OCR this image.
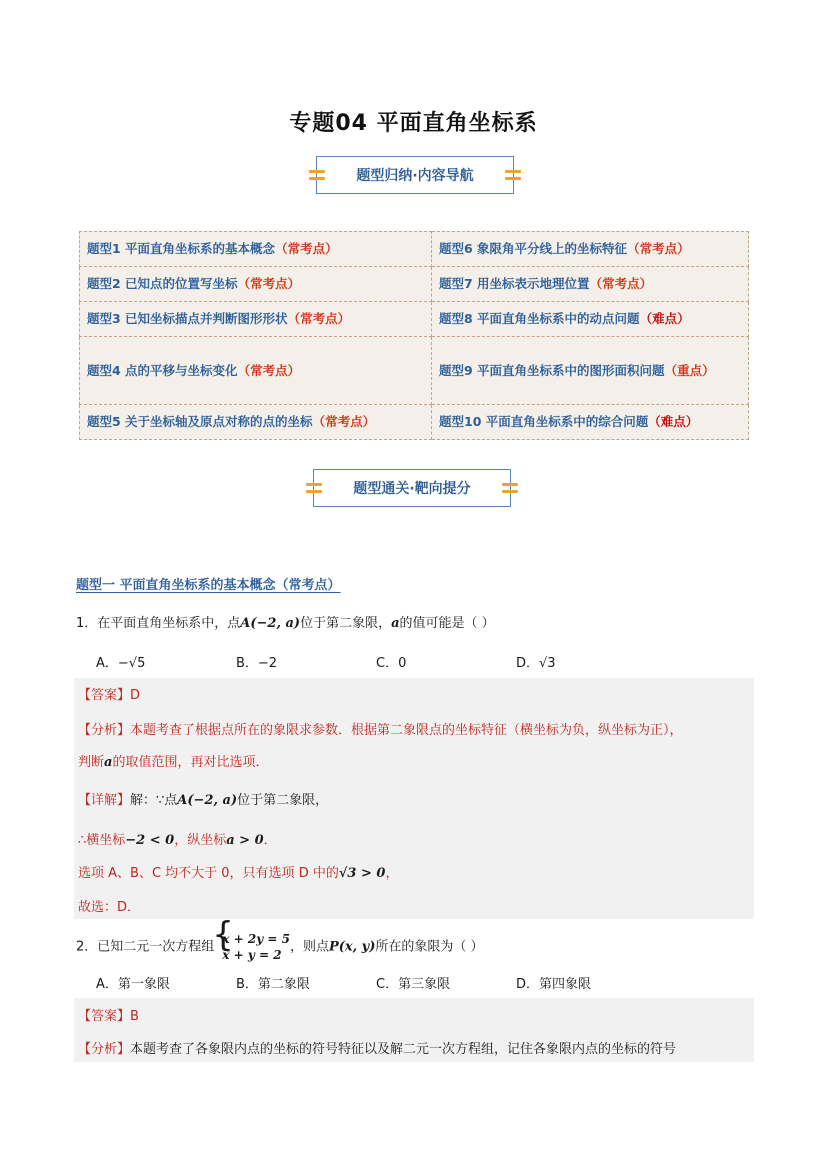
专题04 平面直角坐标系
题型归纳·内容导航
题型1 平面直角坐标系的基本概念（常考点）	题型6 象限角平分线上的坐标特征（常考点）
题型2 已知点的位置写坐标（常考点）	题型7 用坐标表示地理位置（常考点）
题型3 已知坐标描点并判断图形形状（常考点）	题型8 平面直角坐标系中的动点问题（难点）
题型4 点的平移与坐标变化（常考点）	题型9 平面直角坐标系中的图形面积问题（重点）
题型5 关于坐标轴及原点对称的点的坐标（常考点）	题型10 平面直角坐标系中的综合问题（难点）
题型通关·靶向提分
题型一 平面直角坐标系的基本概念（常考点）
1．在平面直角坐标系中，点A(−2, a)位于第二象限，a的值可能是（ ）
A．−√5	B．−2	C．0	D．√3
【答案】D
【分析】本题考查了根据点所在的象限求参数．根据第二象限点的坐标特征（横坐标为负，纵坐标为正），
判断a的取值范围，再对比选项．
【详解】解：∵点A(−2, a)位于第二象限，
∴横坐标−2 < 0，纵坐标a > 0．
选项 A、B、C 均不大于 0，只有选项 D 中的√3 > 0，
故选：D．
2．已知二元一次方程组
{ x + 2y = 5
x + y = 2
，则点P(x, y)所在的象限为（ ）
A．第一象限	B．第二象限	C．第三象限	D．第四象限
【答案】B
【分析】本题考查了各象限内点的坐标的符号特征以及解二元一次方程组，记住各象限内点的坐标的符号
